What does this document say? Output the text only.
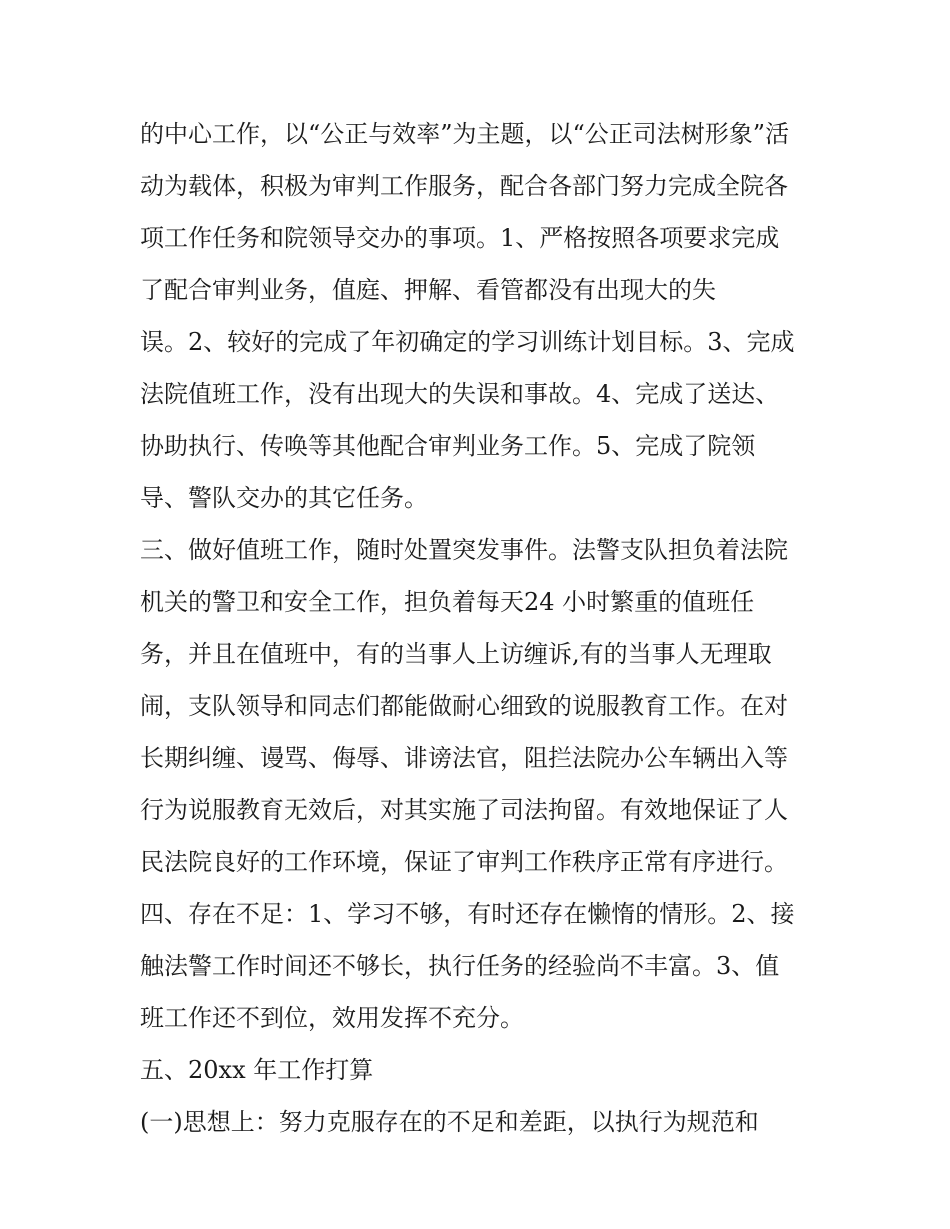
的中心工作，以“公正与效率”为主题，以“公正司法树形象”活
动为载体，积极为审判工作服务，配合各部门努力完成全院各
项工作任务和院领导交办的事项。1、严格按照各项要求完成
了配合审判业务，值庭、押解、看管都没有出现大的失
误。2、较好的完成了年初确定的学习训练计划目标。3、完成
法院值班工作，没有出现大的失误和事故。4、完成了送达、
协助执行、传唤等其他配合审判业务工作。5、完成了院领
导、警队交办的其它任务。
三、做好值班工作，随时处置突发事件。法警支队担负着法院
机关的警卫和安全工作，担负着每天24 小时繁重的值班任
务，并且在值班中，有的当事人上访缠诉,有的当事人无理取
闹，支队领导和同志们都能做耐心细致的说服教育工作。在对
长期纠缠、谩骂、侮辱、诽谤法官，阻拦法院办公车辆出入等
行为说服教育无效后，对其实施了司法拘留。有效地保证了人
民法院良好的工作环境，保证了审判工作秩序正常有序进行。
四、存在不足：1、学习不够，有时还存在懒惰的情形。2、接
触法警工作时间还不够长，执行任务的经验尚不丰富。3、值
班工作还不到位，效用发挥不充分。
五、20xx 年工作打算
(一)思想上：努力克服存在的不足和差距，以执行为规范和
